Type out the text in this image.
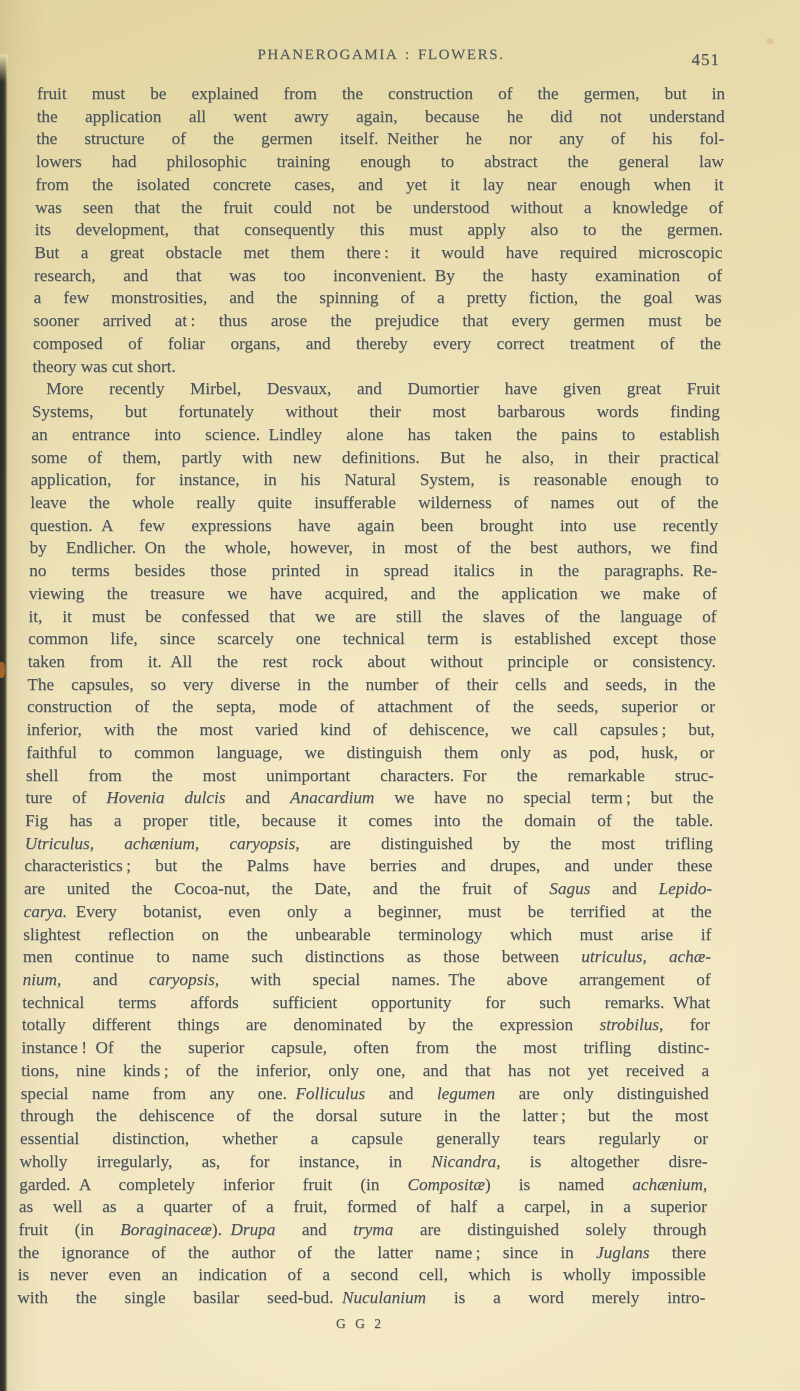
PHANEROGAMIA : FLOWERS.	451
fruit must be explained from the construction of the germen, but in
the application all went awry again, because he did not understand
the structure of the germen itself. Neither he nor any of his fol-
lowers had philosophic training enough to abstract the general law
from the isolated concrete cases, and yet it lay near enough when it
was seen that the fruit could not be understood without a knowledge of
its development, that consequently this must apply also to the germen.
But a great obstacle met them there : it would have required microscopic
research, and that was too inconvenient. By the hasty examination of
a few monstrosities, and the spinning of a pretty fiction, the goal was
sooner arrived at : thus arose the prejudice that every germen must be
composed of foliar organs, and thereby every correct treatment of the
theory was cut short.
More recently Mirbel, Desvaux, and Dumortier have given great Fruit
Systems, but fortunately without their most barbarous words finding
an entrance into science. Lindley alone has taken the pains to establish
some of them, partly with new definitions. But he also, in their practical
application, for instance, in his Natural System, is reasonable enough to
leave the whole really quite insufferable wilderness of names out of the
question. A few expressions have again been brought into use recently
by Endlicher. On the whole, however, in most of the best authors, we find
no terms besides those printed in spread italics in the paragraphs. Re-
viewing the treasure we have acquired, and the application we make of
it, it must be confessed that we are still the slaves of the language of
common life, since scarcely one technical term is established except those
taken from it. All the rest rock about without principle or consistency.
The capsules, so very diverse in the number of their cells and seeds, in the
construction of the septa, mode of attachment of the seeds, superior or
inferior, with the most varied kind of dehiscence, we call capsules ; but,
faithful to common language, we distinguish them only as pod, husk, or
shell from the most unimportant characters. For the remarkable struc-
ture of Hovenia dulcis and Anacardium we have no special term ; but the
Fig has a proper title, because it comes into the domain of the table.
Utriculus, achænium, caryopsis, are distinguished by the most trifling
characteristics ; but the Palms have berries and drupes, and under these
are united the Cocoa-nut, the Date, and the fruit of Sagus and Lepido-
carya. Every botanist, even only a beginner, must be terrified at the
slightest reflection on the unbearable terminology which must arise if
men continue to name such distinctions as those between utriculus, achæ-
nium, and caryopsis, with special names. The above arrangement of
technical terms affords sufficient opportunity for such remarks. What
totally different things are denominated by the expression strobilus, for
instance ! Of the superior capsule, often from the most trifling distinc-
tions, nine kinds ; of the inferior, only one, and that has not yet received a
special name from any one. Folliculus and legumen are only distinguished
through the dehiscence of the dorsal suture in the latter ; but the most
essential distinction, whether a capsule generally tears regularly or
wholly irregularly, as, for instance, in Nicandra, is altogether disre-
garded. A completely inferior fruit (in Compositæ) is named achænium,
as well as a quarter of a fruit, formed of half a carpel, in a superior
fruit (in Boraginaceæ). Drupa and tryma are distinguished solely through
the ignorance of the author of the latter name ; since in Juglans there
is never even an indication of a second cell, which is wholly impossible
with the single basilar seed-bud. Nuculanium is a word merely intro-
G G 2
